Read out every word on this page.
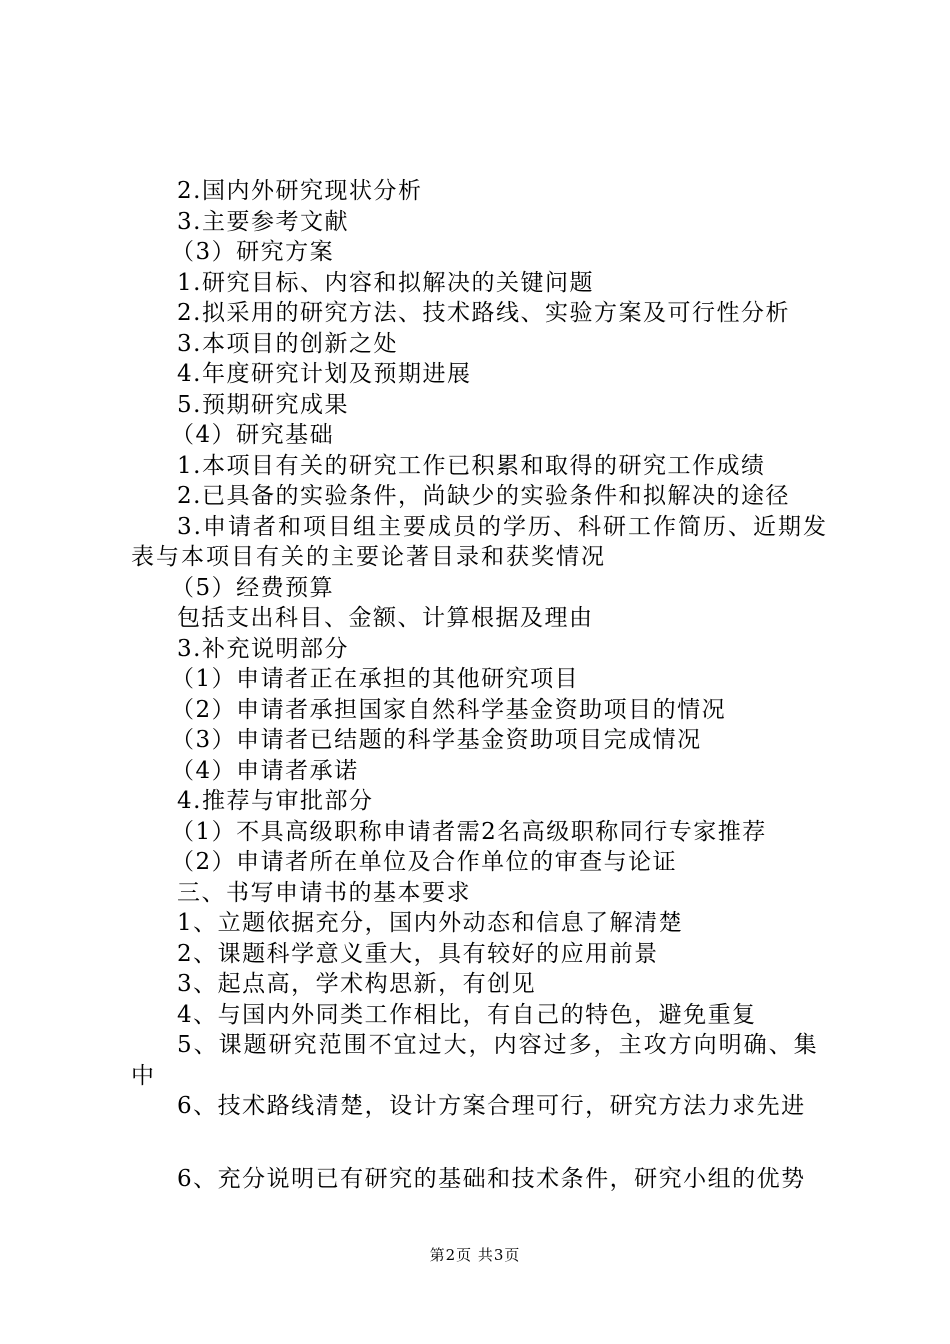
2.国内外研究现状分析
3.主要参考文献
（3）研究方案
1.研究目标、内容和拟解决的关键问题
2.拟采用的研究方法、技术路线、实验方案及可行性分析
3.本项目的创新之处
4.年度研究计划及预期进展
5.预期研究成果
（4）研究基础
1.本项目有关的研究工作已积累和取得的研究工作成绩
2.已具备的实验条件，尚缺少的实验条件和拟解决的途径
3.申请者和项目组主要成员的学历、科研工作简历、近期发表与本项目有关的主要论著目录和获奖情况
（5）经费预算
包括支出科目、金额、计算根据及理由
3.补充说明部分
（1）申请者正在承担的其他研究项目
（2）申请者承担国家自然科学基金资助项目的情况
（3）申请者已结题的科学基金资助项目完成情况
（4）申请者承诺
4.推荐与审批部分
（1）不具高级职称申请者需2名高级职称同行专家推荐
（2）申请者所在单位及合作单位的审查与论证
三、书写申请书的基本要求
1、立题依据充分，国内外动态和信息了解清楚
2、课题科学意义重大，具有较好的应用前景
3、起点高，学术构思新，有创见
4、与国内外同类工作相比，有自己的特色，避免重复
5、课题研究范围不宜过大，内容过多，主攻方向明确、集中
6、技术路线清楚，设计方案合理可行，研究方法力求先进
6、充分说明已有研究的基础和技术条件，研究小组的优势
第2页 共3页
